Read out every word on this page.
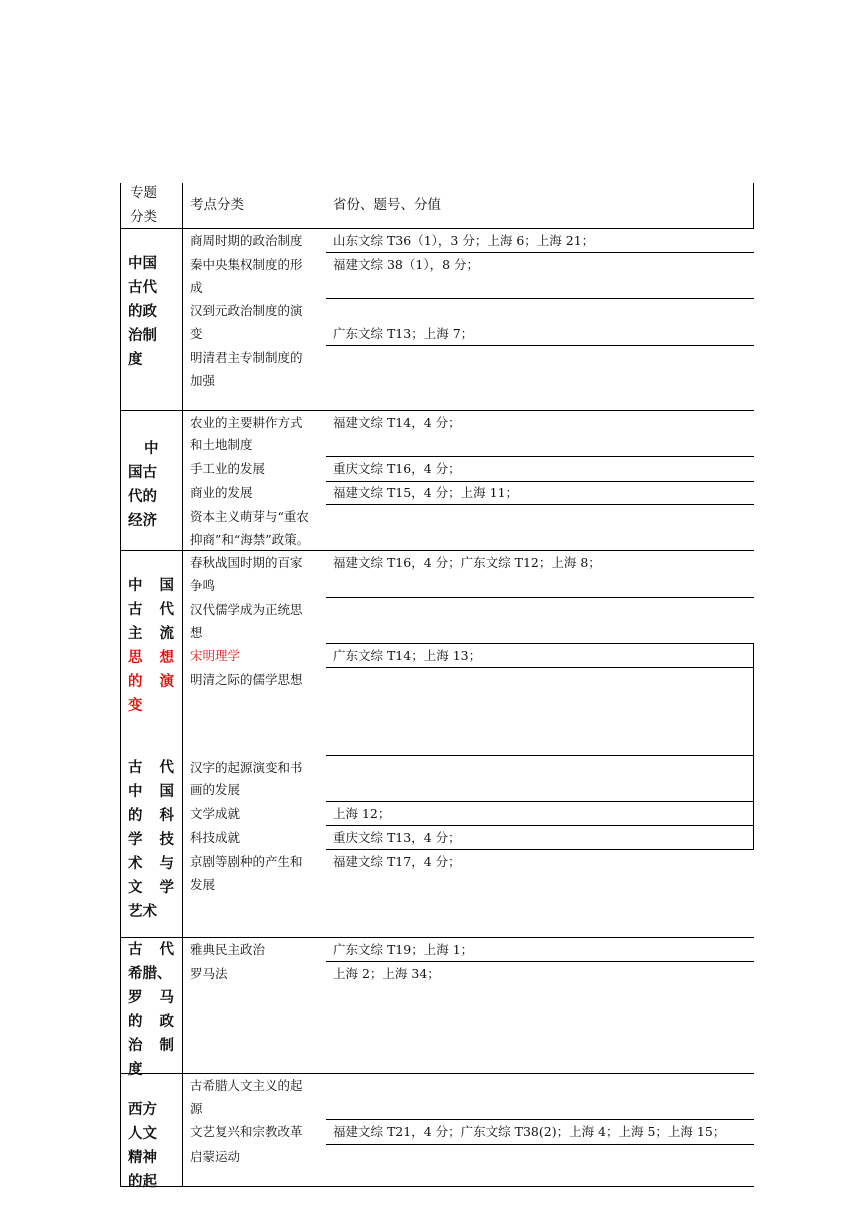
专题
分类
考点分类	省份、题号、分值
中国
古代
的政
治制
度
商周时期的政治制度
秦中央集权制度的形
成
汉到元政治制度的演
变
明清君主专制制度的
加强
山东文综 T36（1），3 分；上海 6；上海 21；
福建文综 38（1），8 分；
广东文综 T13；上海 7；
中
国古
代的
经济
农业的主要耕作方式
和土地制度
手工业的发展
商业的发展
资本主义萌芽与“重农
抑商”和“海禁”政策。
福建文综 T14，4 分；
重庆文综 T16，4 分；
福建文综 T15，4 分；上海 11；
中 国
古 代
主 流
思 想
的 演
变
春秋战国时期的百家
争鸣
汉代儒学成为正统思
想
宋明理学
明清之际的儒学思想
福建文综 T16，4 分；广东文综 T12；上海 8；
广东文综 T14；上海 13；
古 代
中 国
的 科
学 技
术 与
文 学
艺术
汉字的起源演变和书
画的发展
文学成就
科技成就
京剧等剧种的产生和
发展
上海 12；
重庆文综 T13，4 分；
福建文综 T17，4 分；
古 代
希腊、
罗 马
的 政
治 制
度
雅典民主政治
罗马法
广东文综 T19；上海 1；
上海 2；上海 34；
西方
人文
精神
的起
古希腊人文主义的起
源
文艺复兴和宗教改革
启蒙运动
福建文综 T21，4 分；广东文综 T38(2)；上海 4；上海 5；上海 15；
